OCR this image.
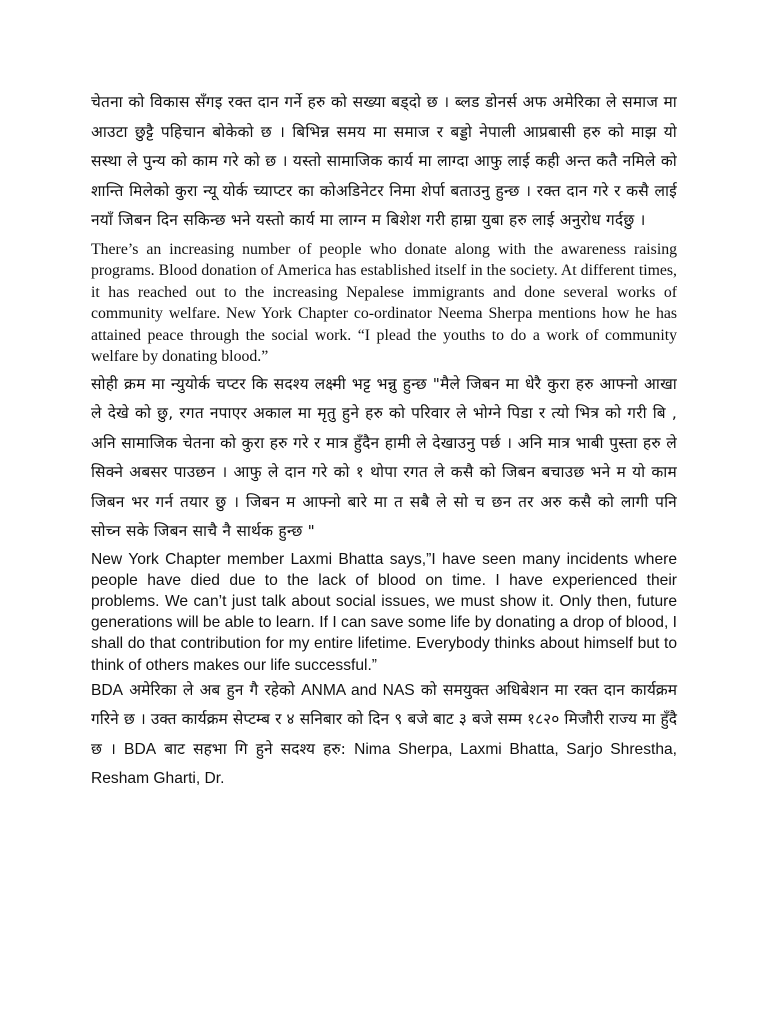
चेतना को विकास सँगइ रक्त दान गर्ने हरु को सख्या बड्दो छ । ब्लड डोनर्स अफ अमेरिका ले समाज मा आउटा छुट्टै पहिचान बोकेको छ । बिभिन्न समय मा समाज र बड्डो नेपाली आप्रबासी हरु को माझ यो सस्था ले पुन्य को काम गरे को छ । यस्तो सामाजिक कार्य मा लाग्दा आफु लाई कही अन्त कतै नमिले को शान्ति मिलेको कुरा न्यू योर्क च्याप्टर का कोअडिनेटर निमा शेर्पा बताउनु हुन्छ । रक्त दान गरे र कसै लाई नयाँ जिबन दिन सकिन्छ भने यस्तो कार्य मा लाग्न म बिशेश गरी हाम्रा युबा हरु लाई अनुरोध गर्दछु ।

There’s an increasing number of people who donate along with the awareness raising programs. Blood donation of America has established itself in the society. At different times, it has reached out to the increasing Nepalese immigrants and done several works of community welfare. New York Chapter co-ordinator Neema Sherpa mentions how he has attained peace through the social work. “I plead the youths to do a work of community welfare by donating blood.”

सोही क्रम मा न्युयोर्क चप्टर कि सदश्य लक्ष्मी भट्ट भन्नु हुन्छ "मैले जिबन मा धेरै कुरा हरु आफ्नो आखा ले देखे को छु, रगत नपाएर अकाल मा मृतु हुने हरु को परिवार ले भोग्ने पिडा र त्यो भित्र को गरी बि , अनि सामाजिक चेतना को कुरा हरु गरे र मात्र हुँदैन हामी ले देखाउनु पर्छ । अनि मात्र भाबी पुस्ता हरु ले सिक्ने अबसर पाउछन । आफु ले दान गरे को १ थोपा रगत ले कसै को जिबन बचाउछ भने म यो काम जिबन भर गर्न तयार छु । जिबन म आफ्नो बारे मा त सबै ले सो च छन तर अरु कसै को लागी पनि सोच्न सके जिबन साचै नै सार्थक हुन्छ "

New York Chapter member Laxmi Bhatta says,”I have seen many incidents where people have died due to the lack of blood on time. I have experienced their problems. We can’t just talk about social issues, we must show it. Only then, future generations will be able to learn. If I can save some life by donating a drop of blood, I shall do that contribution for my entire lifetime. Everybody thinks about himself but to think of others makes our life successful.”

BDA अमेरिका ले अब हुन गै रहेको ANMA and NAS को समयुक्त अधिबेशन मा रक्त दान कार्यक्रम गरिने छ । उक्त कार्यक्रम सेप्टम्ब र ४ सनिबार को दिन ९ बजे बाट ३ बजे सम्म १८२० मिजौरी राज्य मा हुँदै छ । BDA बाट सहभा गि हुने सदश्य हरु: Nima Sherpa, Laxmi Bhatta, Sarjo Shrestha, Resham Gharti, Dr.
